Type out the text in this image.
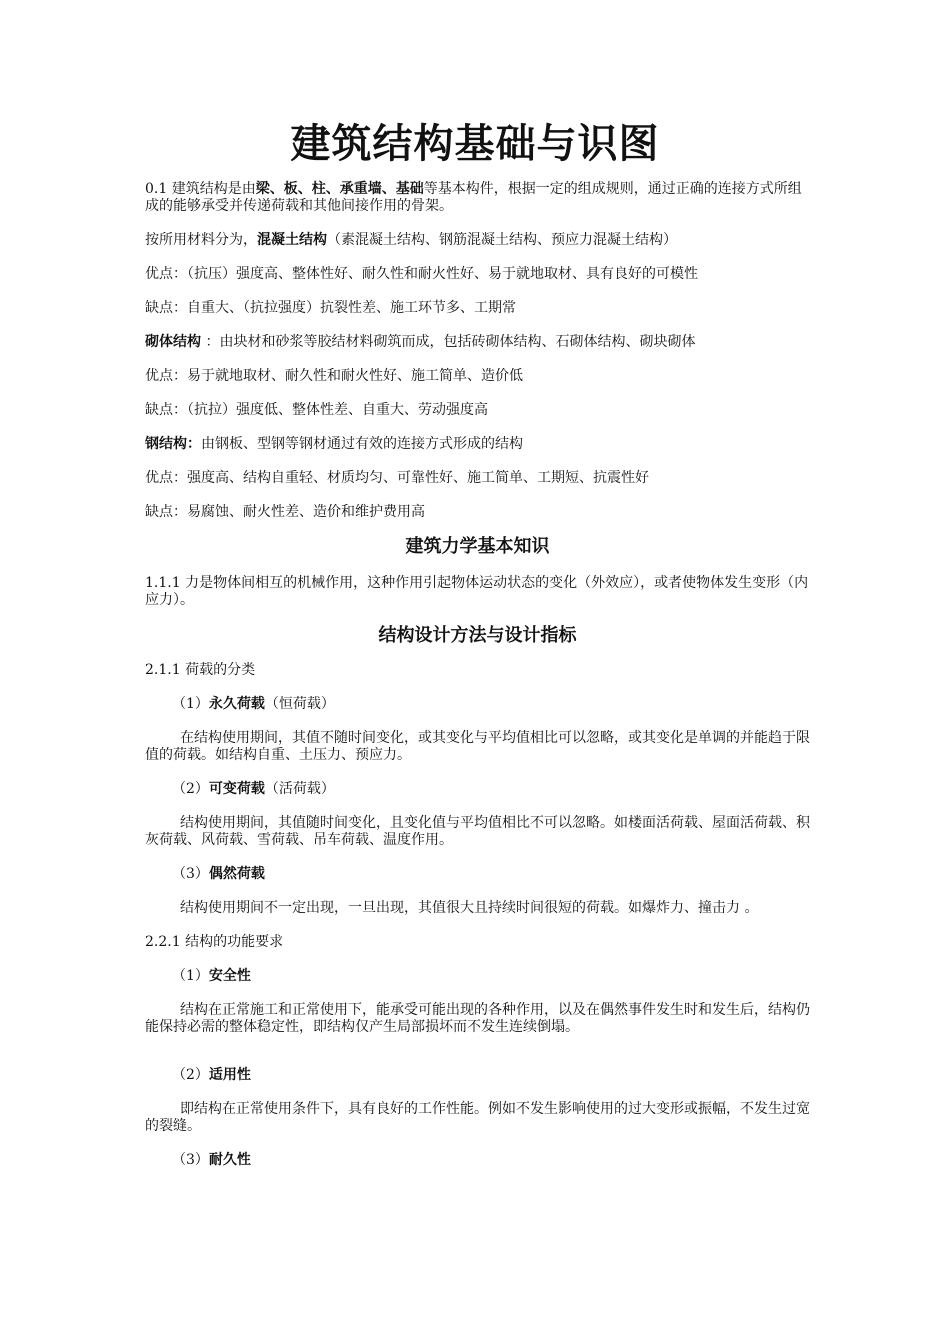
建筑结构基础与识图

0.1 建筑结构是由梁、板、柱、承重墙、基础等基本构件，根据一定的组成规则，通过正确的连接方式所组成的能够承受并传递荷载和其他间接作用的骨架。

按所用材料分为，混凝土结构（素混凝土结构、钢筋混凝土结构、预应力混凝土结构）

优点：（抗压）强度高、整体性好、耐久性和耐火性好、易于就地取材、具有良好的可模性

缺点：自重大、（抗拉强度）抗裂性差、施工环节多、工期常

砌体结构 ：由块材和砂浆等胶结材料砌筑而成，包括砖砌体结构、石砌体结构、砌块砌体

优点：易于就地取材、耐久性和耐火性好、施工简单、造价低

缺点：（抗拉）强度低、整体性差、自重大、劳动强度高

钢结构：由钢板、型钢等钢材通过有效的连接方式形成的结构

优点：强度高、结构自重轻、材质均匀、可靠性好、施工简单、工期短、抗震性好

缺点：易腐蚀、耐火性差、造价和维护费用高

建筑力学基本知识

1.1.1 力是物体间相互的机械作用，这种作用引起物体运动状态的变化（外效应），或者使物体发生变形（内应力）。

结构设计方法与设计指标

2.1.1 荷载的分类

（1）永久荷载（恒荷载）

在结构使用期间，其值不随时间变化，或其变化与平均值相比可以忽略，或其变化是单调的并能趋于限值的荷载。如结构自重、土压力、预应力。

（2）可变荷载（活荷载）

结构使用期间，其值随时间变化，且变化值与平均值相比不可以忽略。如楼面活荷载、屋面活荷载、积灰荷载、风荷载、雪荷载、吊车荷载、温度作用。

（3）偶然荷载

结构使用期间不一定出现，一旦出现，其值很大且持续时间很短的荷载。如爆炸力、撞击力 。

2.2.1 结构的功能要求

（1）安全性

结构在正常施工和正常使用下，能承受可能出现的各种作用，以及在偶然事件发生时和发生后，结构仍能保持必需的整体稳定性，即结构仅产生局部损坏而不发生连续倒塌。

（2）适用性

即结构在正常使用条件下，具有良好的工作性能。例如不发生影响使用的过大变形或振幅，不发生过宽的裂缝。

（3）耐久性
